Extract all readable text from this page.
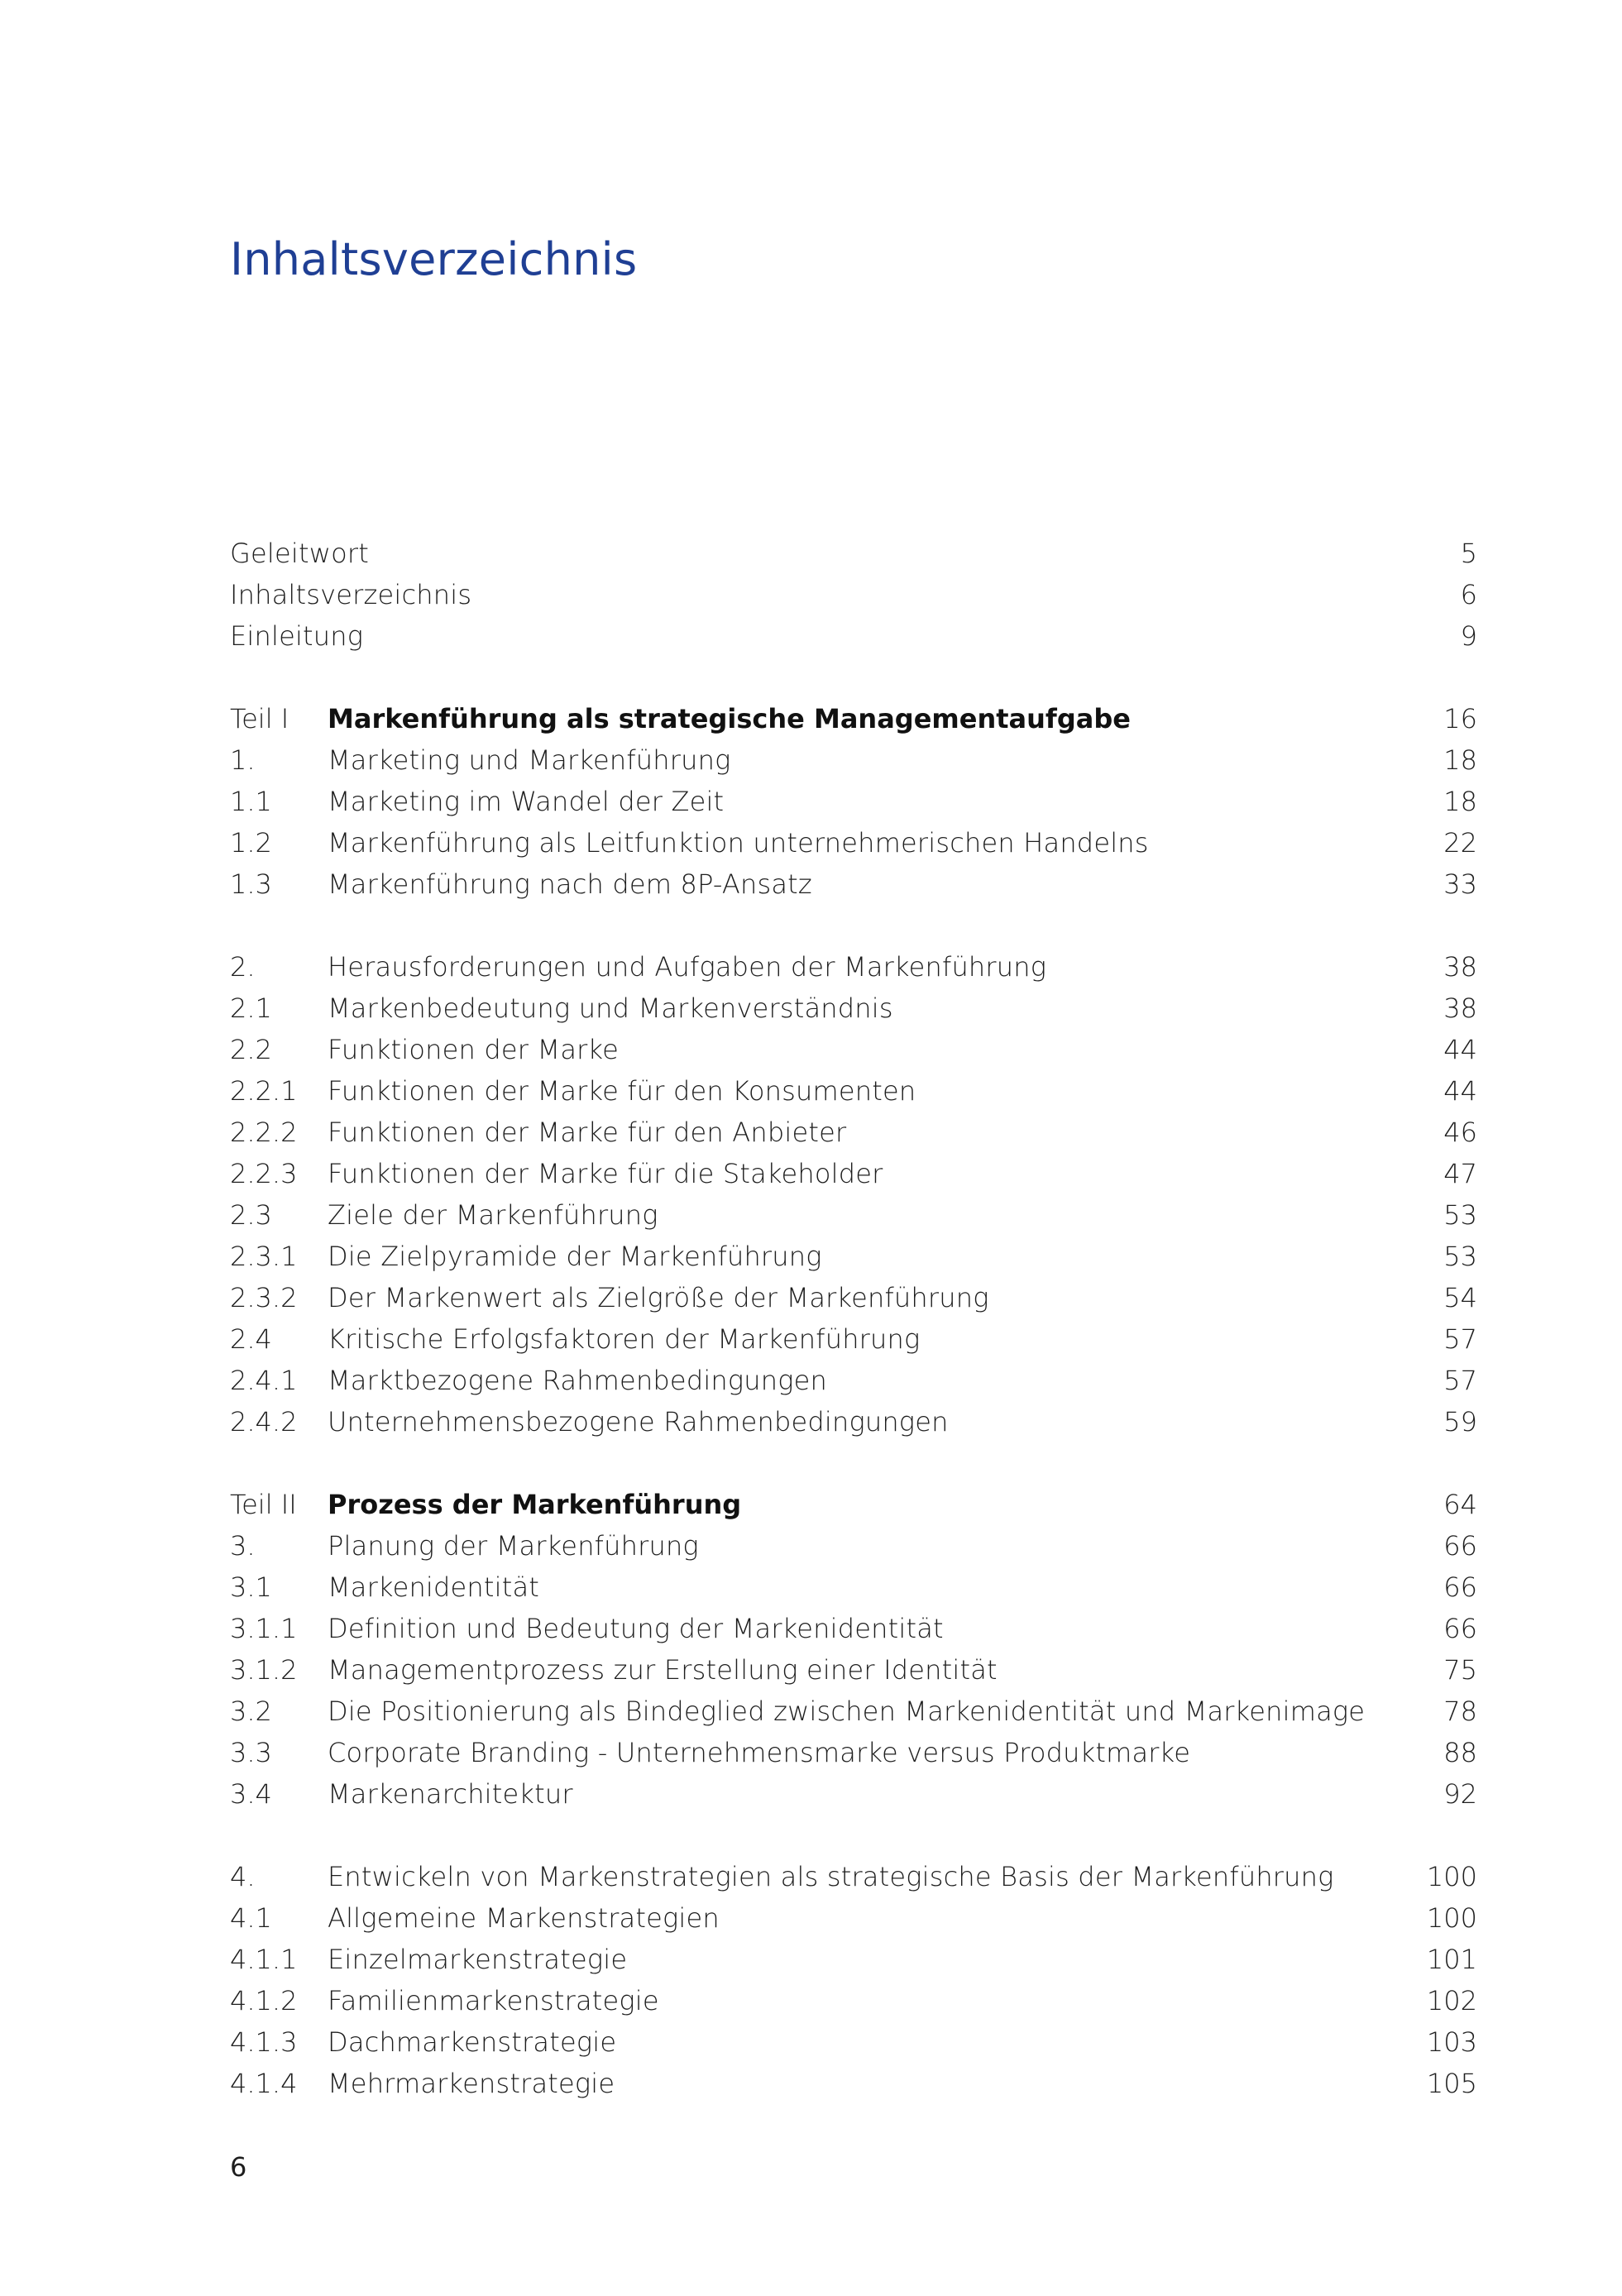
Inhaltsverzeichnis
Geleitwort	5
Inhaltsverzeichnis	6
Einleitung	9
Teil I	Markenführung als strategische Managementaufgabe	16
1.	Marketing und Markenführung	18
1.1	Marketing im Wandel der Zeit	18
1.2	Markenführung als Leitfunktion unternehmerischen Handelns	22
1.3	Markenführung nach dem 8P-Ansatz	33
2.	Herausforderungen und Aufgaben der Markenführung	38
2.1	Markenbedeutung und Markenverständnis	38
2.2	Funktionen der Marke	44
2.2.1	Funktionen der Marke für den Konsumenten	44
2.2.2	Funktionen der Marke für den Anbieter	46
2.2.3	Funktionen der Marke für die Stakeholder	47
2.3	Ziele der Markenführung	53
2.3.1	Die Zielpyramide der Markenführung	53
2.3.2	Der Markenwert als Zielgröße der Markenführung	54
2.4	Kritische Erfolgsfaktoren der Markenführung	57
2.4.1	Marktbezogene Rahmenbedingungen	57
2.4.2	Unternehmensbezogene Rahmenbedingungen	59
Teil II	Prozess der Markenführung	64
3.	Planung der Markenführung	66
3.1	Markenidentität	66
3.1.1	Definition und Bedeutung der Markenidentität	66
3.1.2	Managementprozess zur Erstellung einer Identität	75
3.2	Die Positionierung als Bindeglied zwischen Markenidentität und Markenimage	78
3.3	Corporate Branding - Unternehmensmarke versus Produktmarke	88
3.4	Markenarchitektur	92
4.	Entwickeln von Markenstrategien als strategische Basis der Markenführung	100
4.1	Allgemeine Markenstrategien	100
4.1.1	Einzelmarkenstrategie	101
4.1.2	Familienmarkenstrategie	102
4.1.3	Dachmarkenstrategie	103
4.1.4	Mehrmarkenstrategie	105
6
